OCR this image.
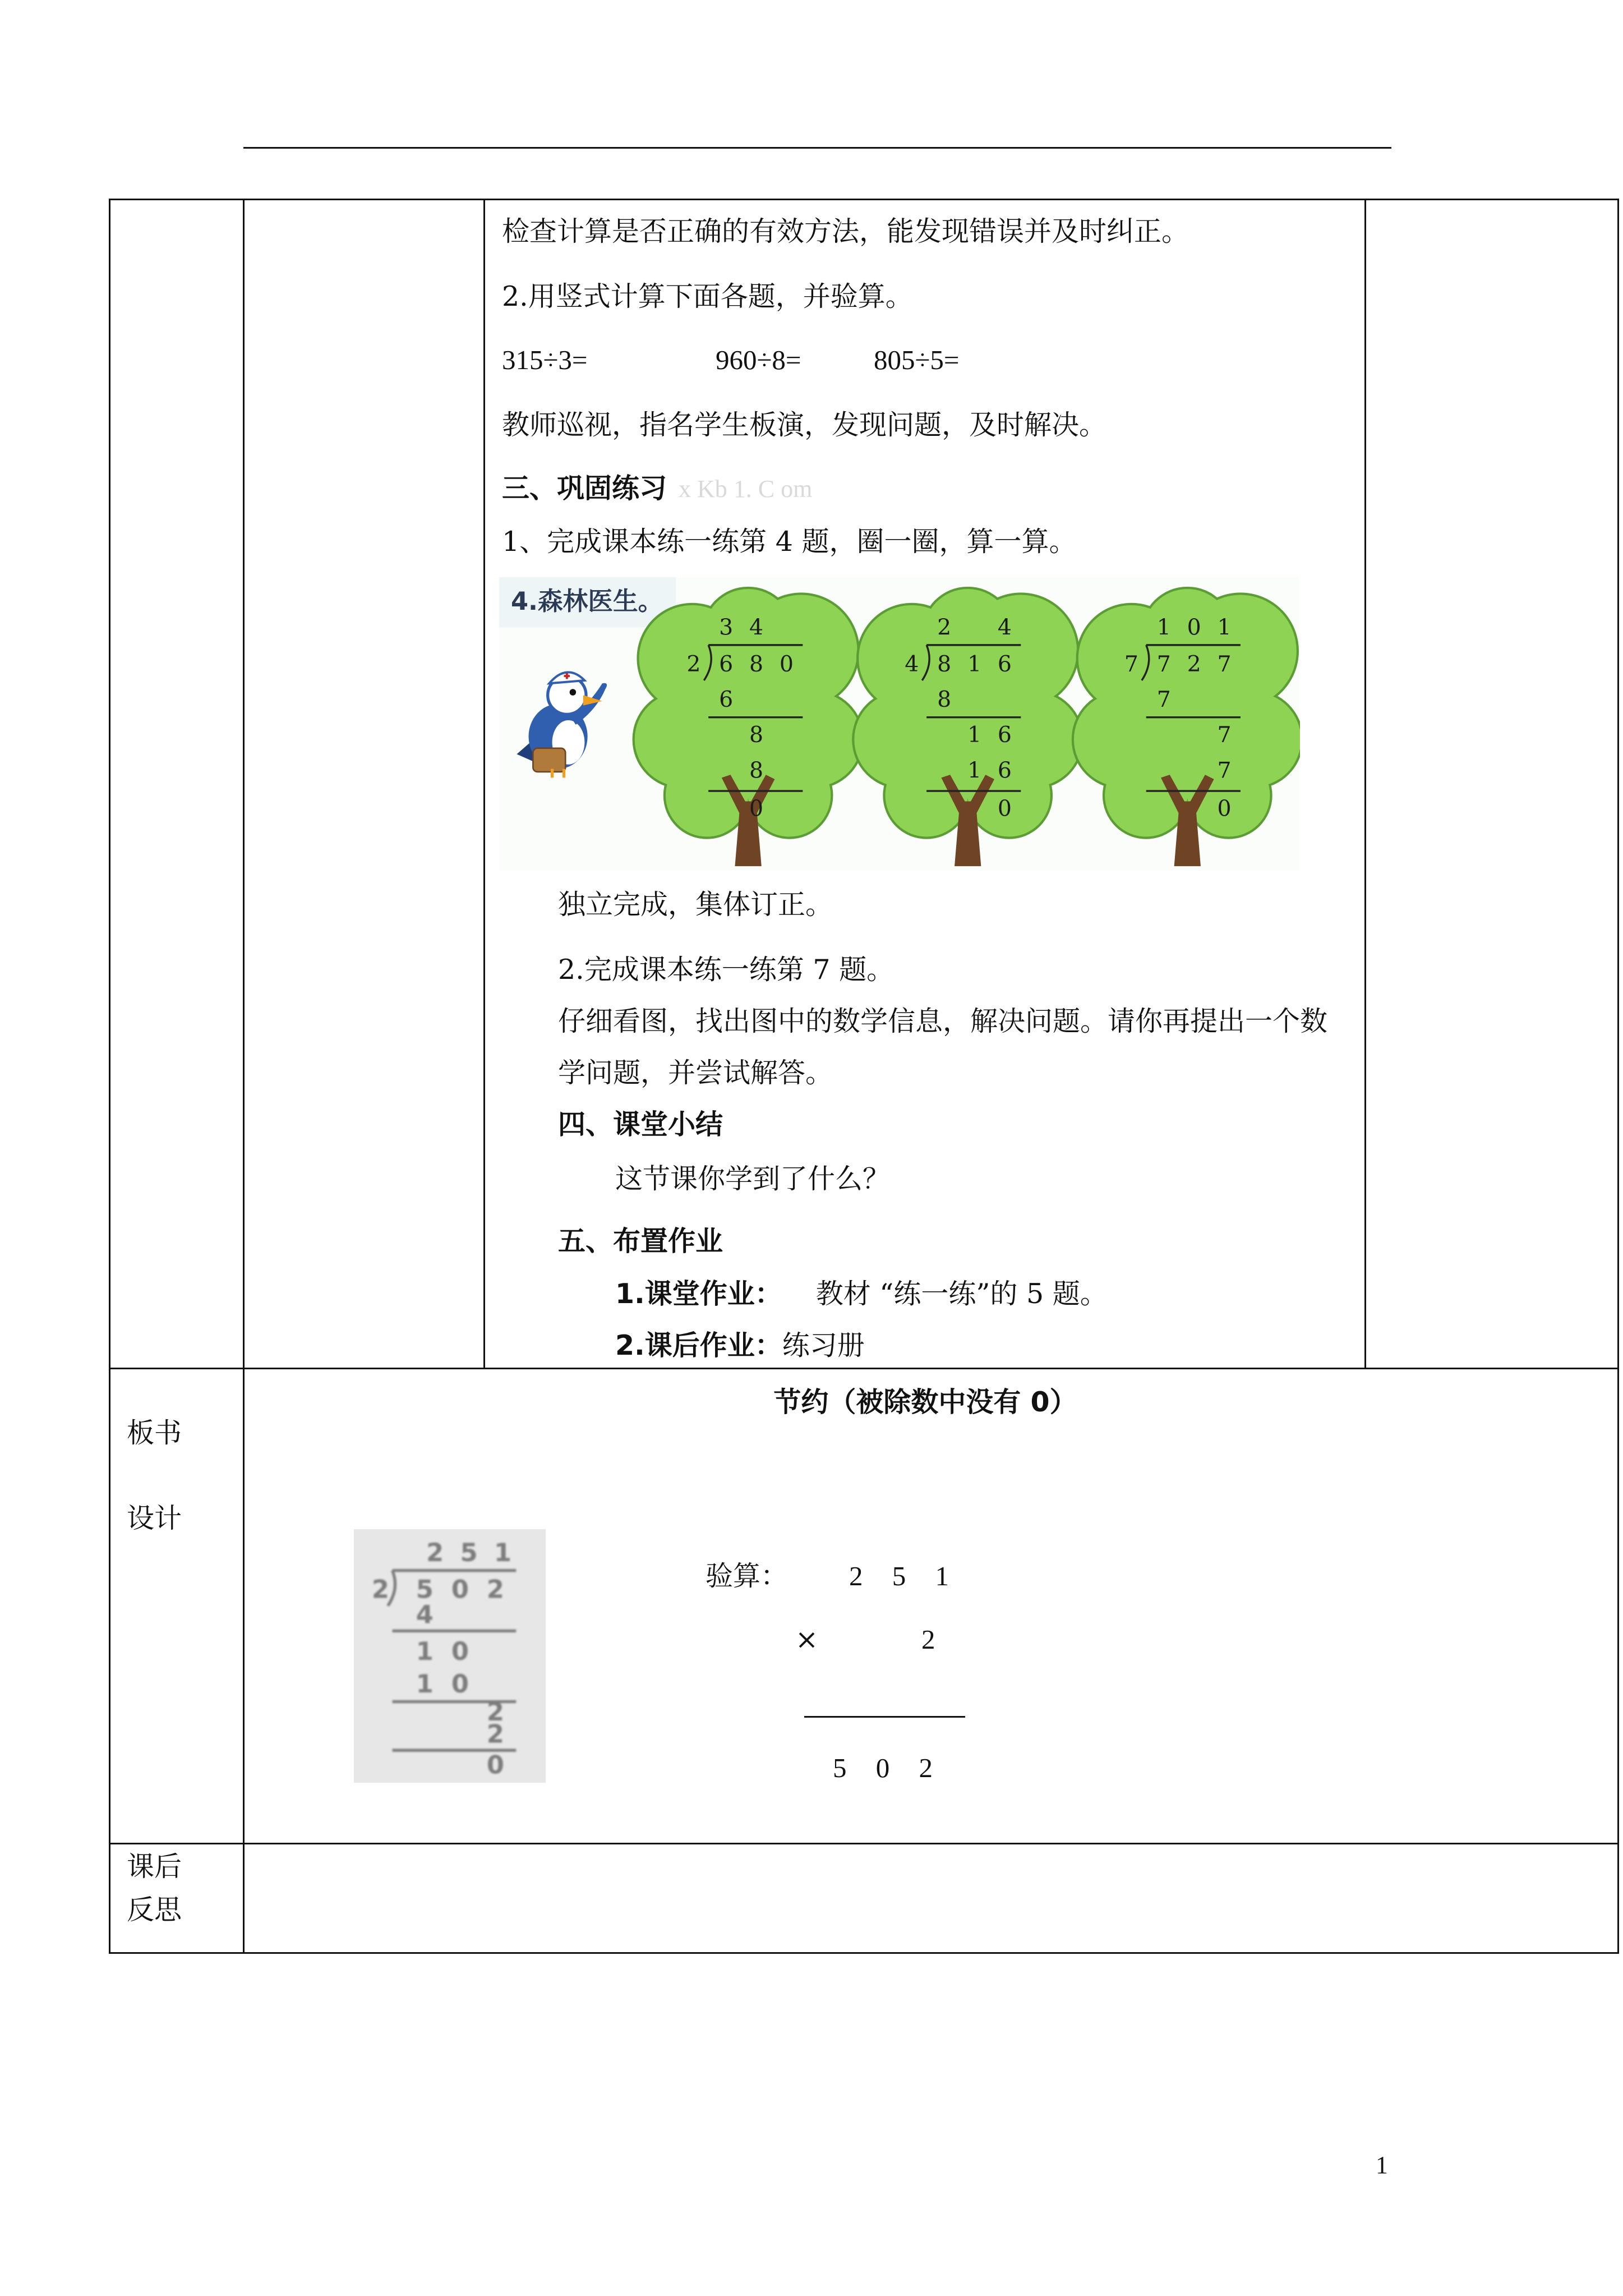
检查计算是否正确的有效方法，能发现错误并及时纠正。
2.用竖式计算下面各题，并验算。
315÷3=	960÷8=	805÷5=
教师巡视，指名学生板演，发现问题，及时解决。
三、巩固练习 x Kb 1. C om
1、完成课本练一练第 4 题，圈一圈，算一算。
4.森林医生。
3 4
2 6 8 0
6
8
8
0
2	4
4 8 1 6
8
1 6
1 6
0
1 0 1
7 7 2 7
7
7
7
0
独立完成，集体订正。
2.完成课本练一练第 7 题。
仔细看图，找出图中的数学信息，解决问题。请你再提出一个数
学问题，并尝试解答。
四、课堂小结
这节课你学到了什么？
五、布置作业
1.课堂作业： 教材 “练一练”的 5 题。
2.课后作业：练习册
板书
设计
节约（被除数中没有 0）
2 5 1
2	5 0 2
4
1 0
1 0
2
2
0
验算： 2 5 1
×	2
5 0 2
课后
反思
1
